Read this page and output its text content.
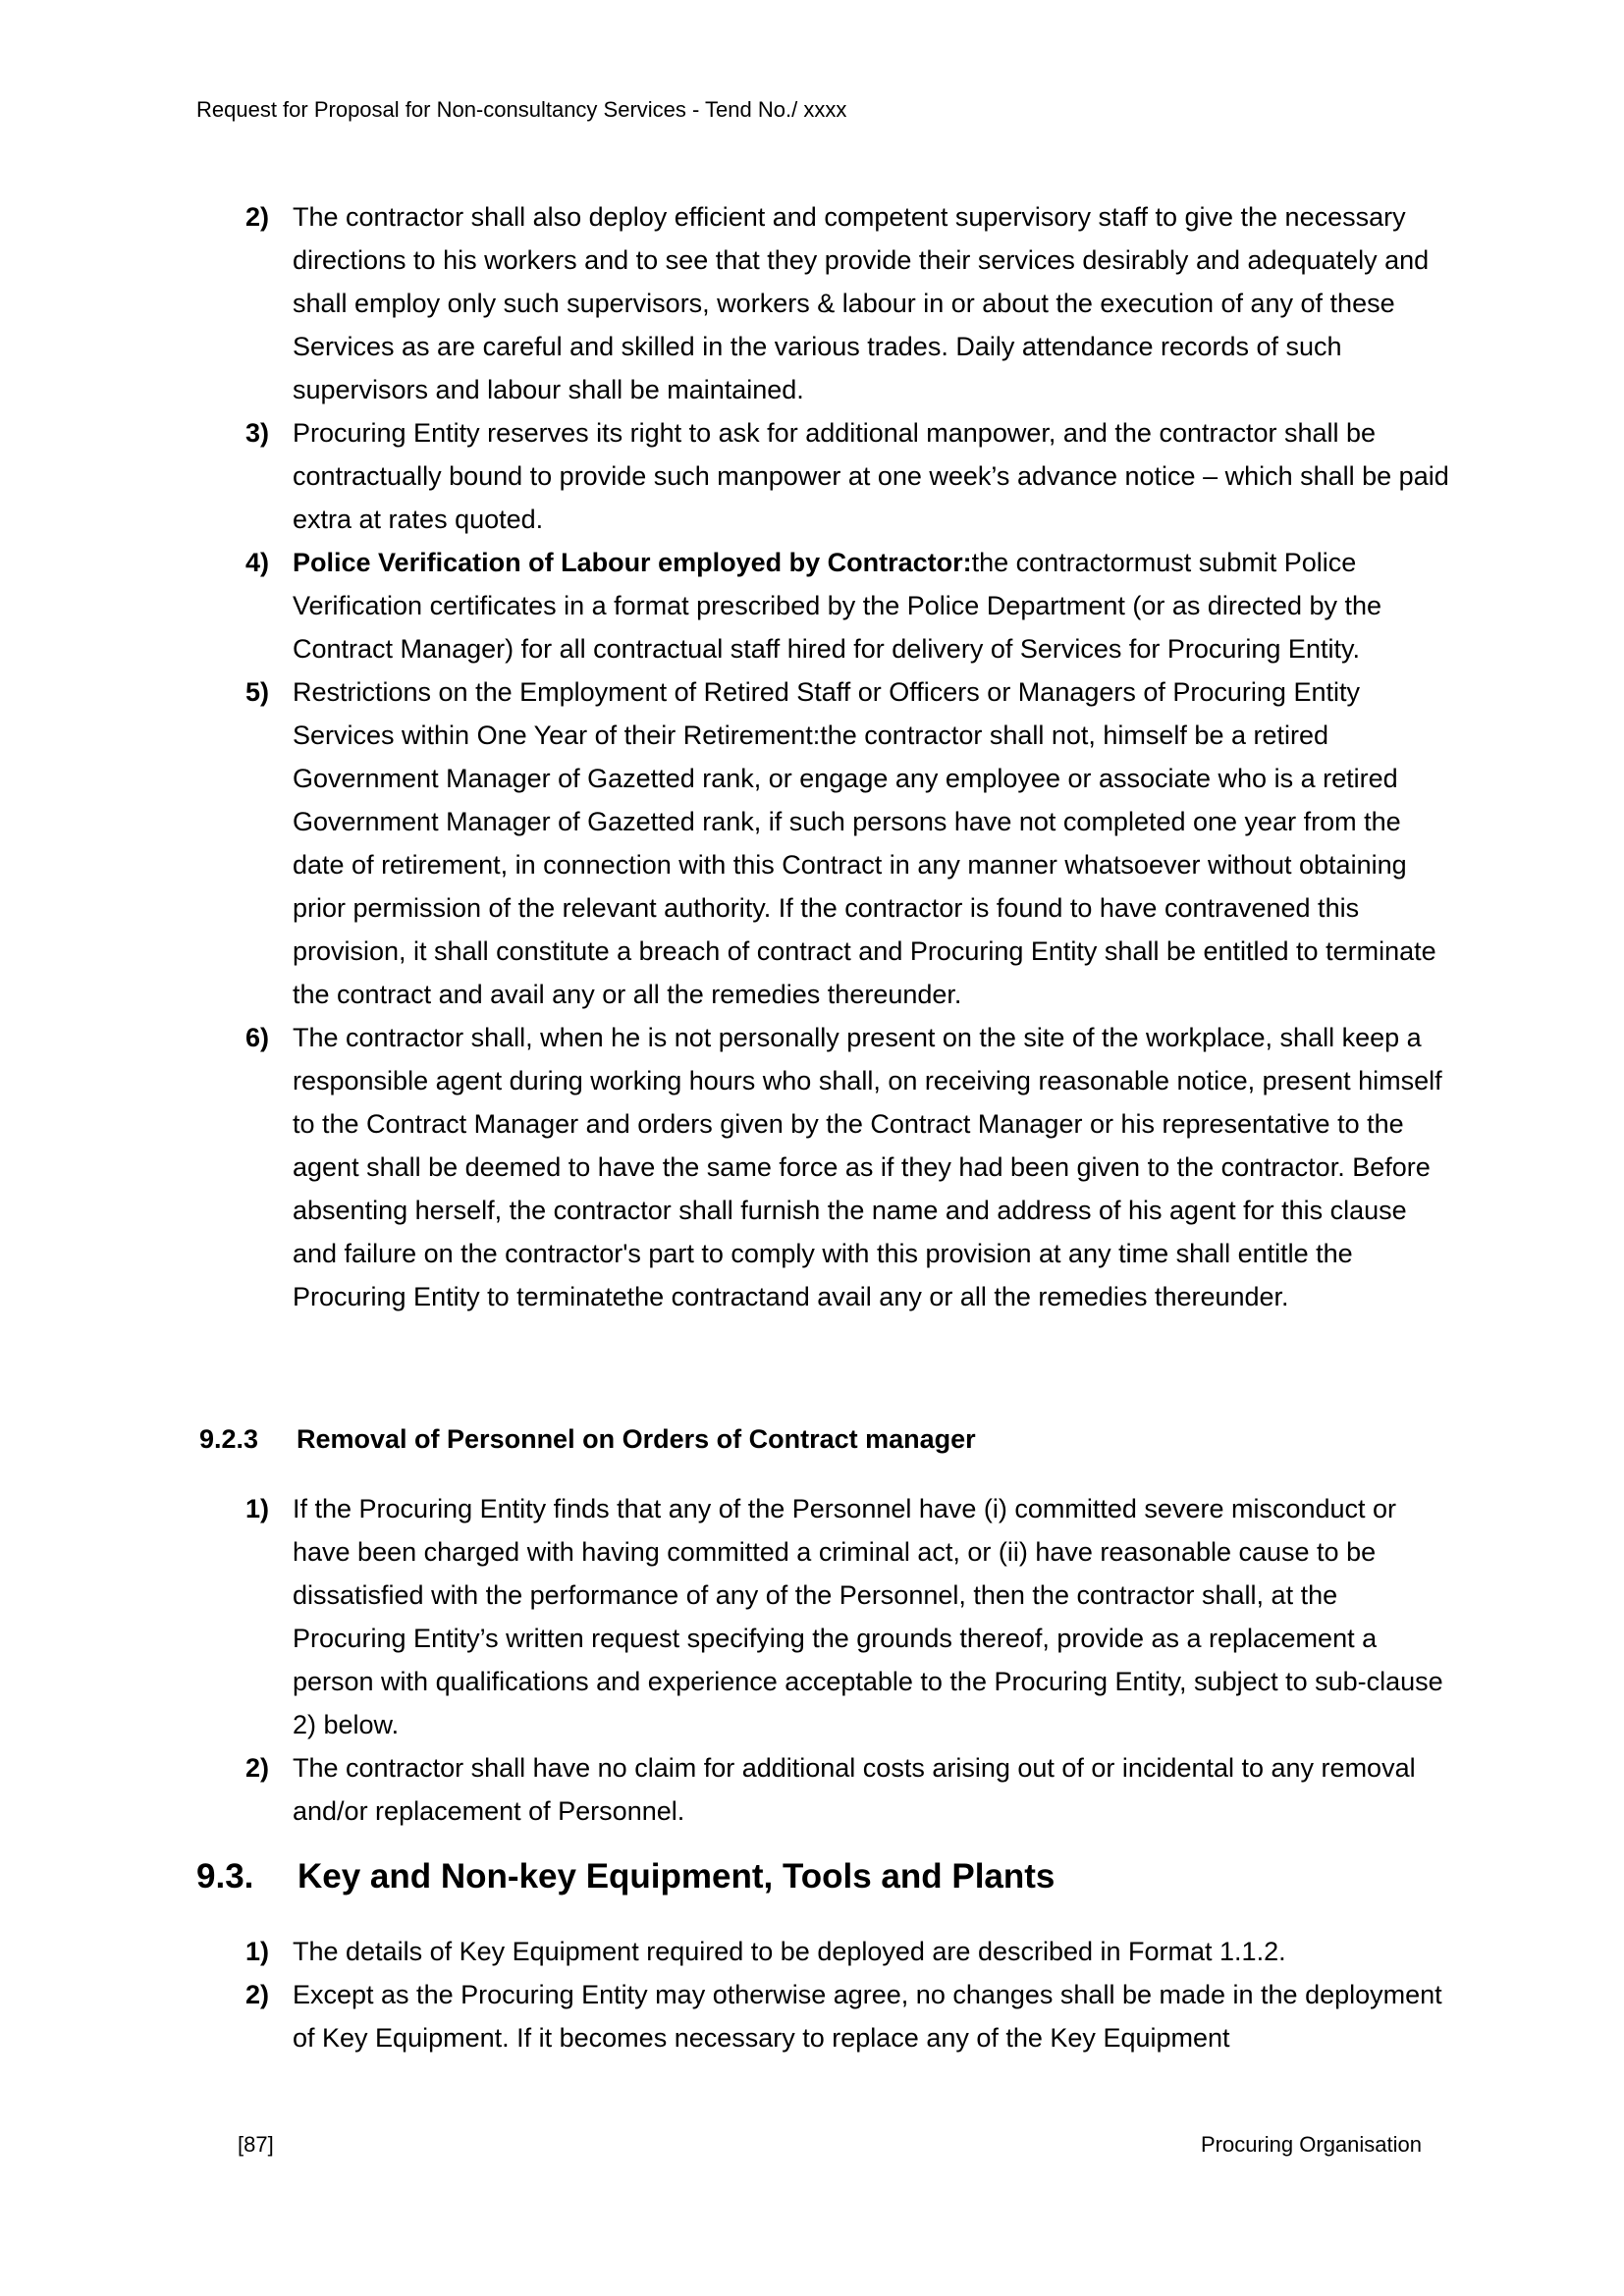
Request for Proposal for Non-consultancy Services - Tend No./ xxxx
2) The contractor shall also deploy efficient and competent supervisory staff to give the necessary directions to his workers and to see that they provide their services desirably and adequately and shall employ only such supervisors, workers & labour in or about the execution of any of these Services as are careful and skilled in the various trades. Daily attendance records of such supervisors and labour shall be maintained.

3) Procuring Entity reserves its right to ask for additional manpower, and the contractor shall be contractually bound to provide such manpower at one week’s advance notice – which shall be paid extra at rates quoted.

4) Police Verification of Labour employed by Contractor:the contractormust submit Police Verification certificates in a format prescribed by the Police Department (or as directed by the Contract Manager) for all contractual staff hired for delivery of Services for Procuring Entity.

5) Restrictions on the Employment of Retired Staff or Officers or Managers of Procuring Entity Services within One Year of their Retirement:the contractor shall not, himself be a retired Government Manager of Gazetted rank, or engage any employee or associate who is a retired Government Manager of Gazetted rank, if such persons have not completed one year from the date of retirement, in connection with this Contract in any manner whatsoever without obtaining prior permission of the relevant authority. If the contractor is found to have contravened this provision, it shall constitute a breach of contract and Procuring Entity shall be entitled to terminate the contract and avail any or all the remedies thereunder.

6) The contractor shall, when he is not personally present on the site of the workplace, shall keep a responsible agent during working hours who shall, on receiving reasonable notice, present himself to the Contract Manager and orders given by the Contract Manager or his representative to the agent shall be deemed to have the same force as if they had been given to the contractor. Before absenting herself, the contractor shall furnish the name and address of his agent for this clause and failure on the contractor's part to comply with this provision at any time shall entitle the Procuring Entity to terminatethe contractand avail any or all the remedies thereunder.

9.2.3	Removal of Personnel on Orders of Contract manager
1) If the Procuring Entity finds that any of the Personnel have (i) committed severe misconduct or have been charged with having committed a criminal act, or (ii) have reasonable cause to be dissatisfied with the performance of any of the Personnel, then the contractor shall, at the Procuring Entity’s written request specifying the grounds thereof, provide as a replacement a person with qualifications and experience acceptable to the Procuring Entity, subject to sub-clause 2) below.

2) The contractor shall have no claim for additional costs arising out of or incidental to any removal and/or replacement of Personnel.

9.3.	Key and Non-key Equipment, Tools and Plants
1) The details of Key Equipment required to be deployed are described in Format 1.1.2.

2) Except as the Procuring Entity may otherwise agree, no changes shall be made in the deployment of Key Equipment. If it becomes necessary to replace any of the Key Equipment

[87]	Procuring Organisation
